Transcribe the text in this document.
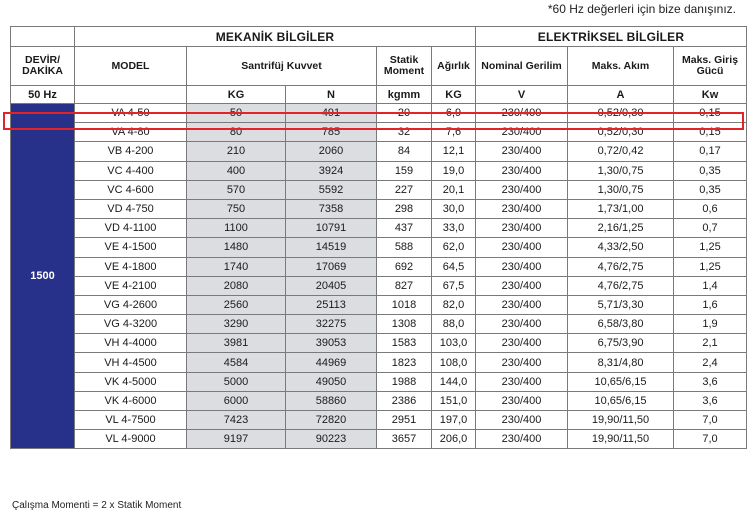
*60 Hz değerleri için bize danışınız.
	MEKANİK BİLGİLER					ELEKTRİKSEL BİLGİLER		
DEVİR/ DAKİKA	MODEL	Santrifüj Kuvvet		Statik Moment	Ağırlık	Nominal Gerilim	Maks. Akım	Maks. Giriş Gücü
50 Hz		KG	N	kgmm	KG	V	A	Kw
1500	VA 4-50	50	491	20	6,9	230/400	0,52/0,30	0,15
	VA 4-80	80	785	32	7,6	230/400	0,52/0,30	0,15
	VB 4-200	210	2060	84	12,1	230/400	0,72/0,42	0,17
	VC 4-400	400	3924	159	19,0	230/400	1,30/0,75	0,35
	VC 4-600	570	5592	227	20,1	230/400	1,30/0,75	0,35
	VD 4-750	750	7358	298	30,0	230/400	1,73/1,00	0,6
	VD 4-1100	1100	10791	437	33,0	230/400	2,16/1,25	0,7
	VE 4-1500	1480	14519	588	62,0	230/400	4,33/2,50	1,25
	VE 4-1800	1740	17069	692	64,5	230/400	4,76/2,75	1,25
	VE 4-2100	2080	20405	827	67,5	230/400	4,76/2,75	1,4
	VG 4-2600	2560	25113	1018	82,0	230/400	5,71/3,30	1,6
	VG 4-3200	3290	32275	1308	88,0	230/400	6,58/3,80	1,9
	VH 4-4000	3981	39053	1583	103,0	230/400	6,75/3,90	2,1
	VH 4-4500	4584	44969	1823	108,0	230/400	8,31/4,80	2,4
	VK 4-5000	5000	49050	1988	144,0	230/400	10,65/6,15	3,6
	VK 4-6000	6000	58860	2386	151,0	230/400	10,65/6,15	3,6
	VL 4-7500	7423	72820	2951	197,0	230/400	19,90/11,50	7,0
	VL 4-9000	9197	90223	3657	206,0	230/400	19,90/11,50	7,0
Çalışma Momenti = 2 x Statik Moment
